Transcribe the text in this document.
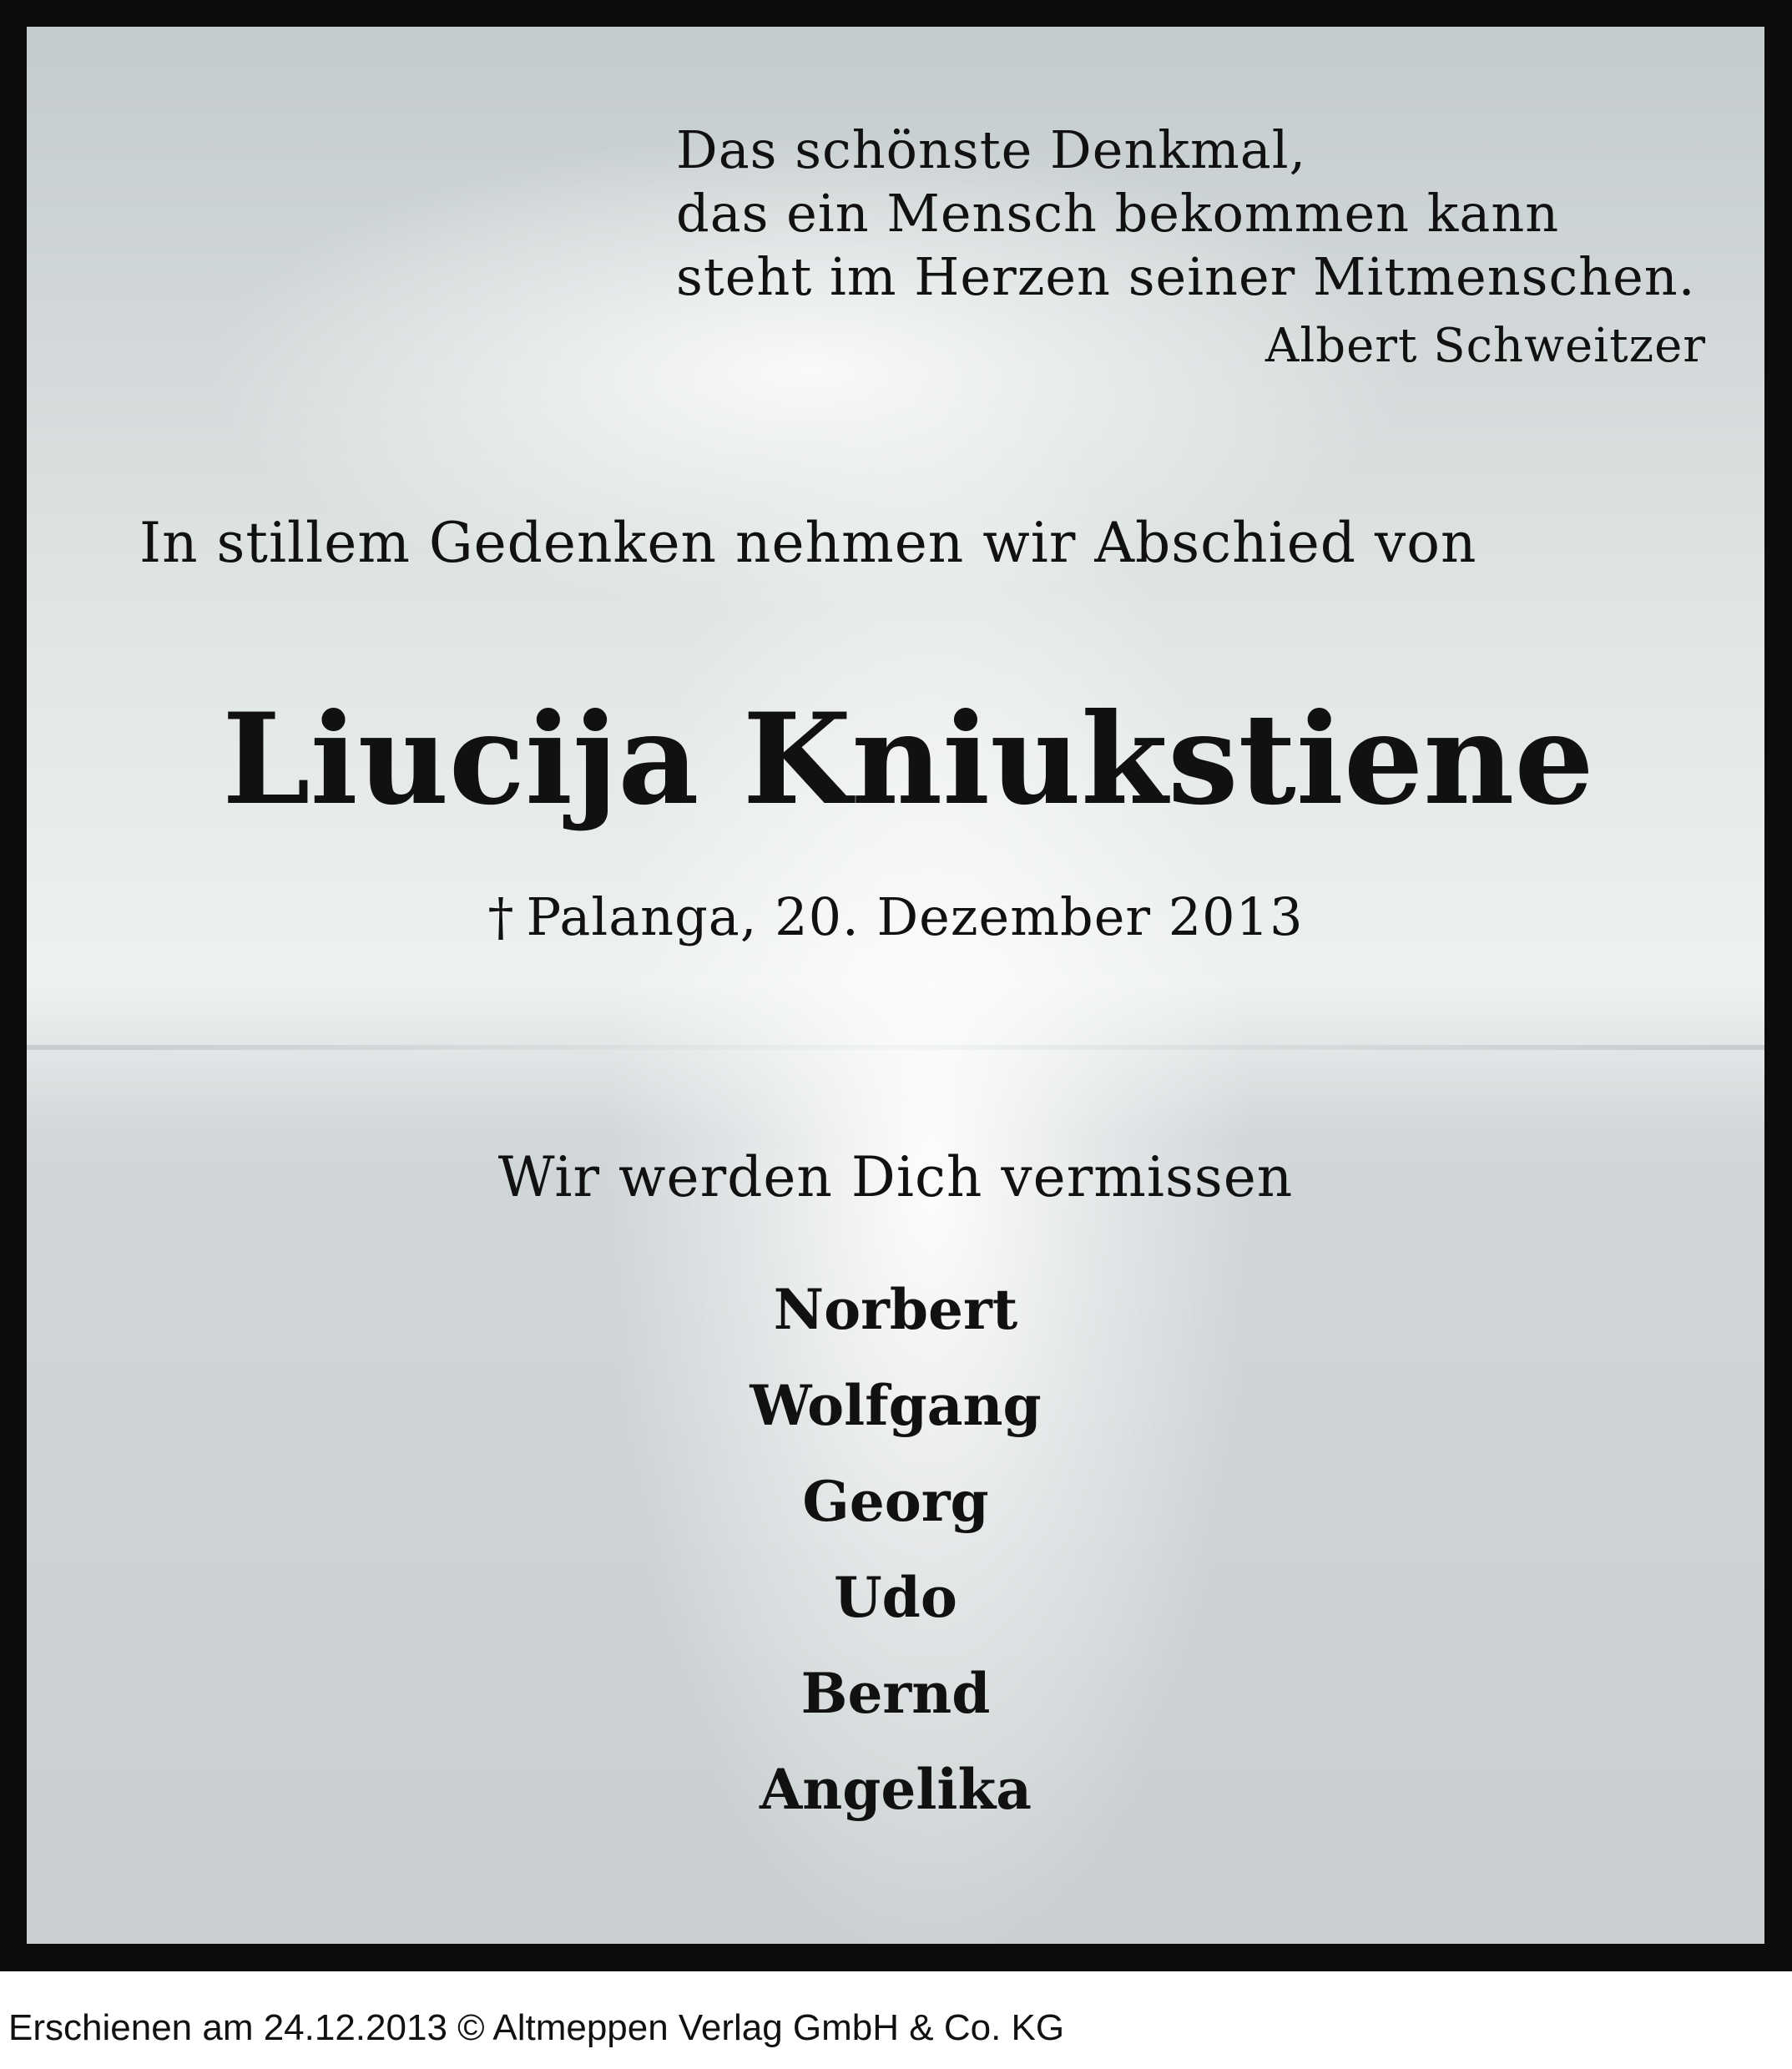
Das schönste Denkmal,
das ein Mensch bekommen kann
steht im Herzen seiner Mitmenschen.
Albert Schweitzer
In stillem Gedenken nehmen wir Abschied von
Liucija Kniukstiene
† Palanga, 20. Dezember 2013
Wir werden Dich vermissen
Norbert
Wolfgang
Georg
Udo
Bernd
Angelika
Erschienen am 24.12.2013 © Altmeppen Verlag GmbH & Co. KG
